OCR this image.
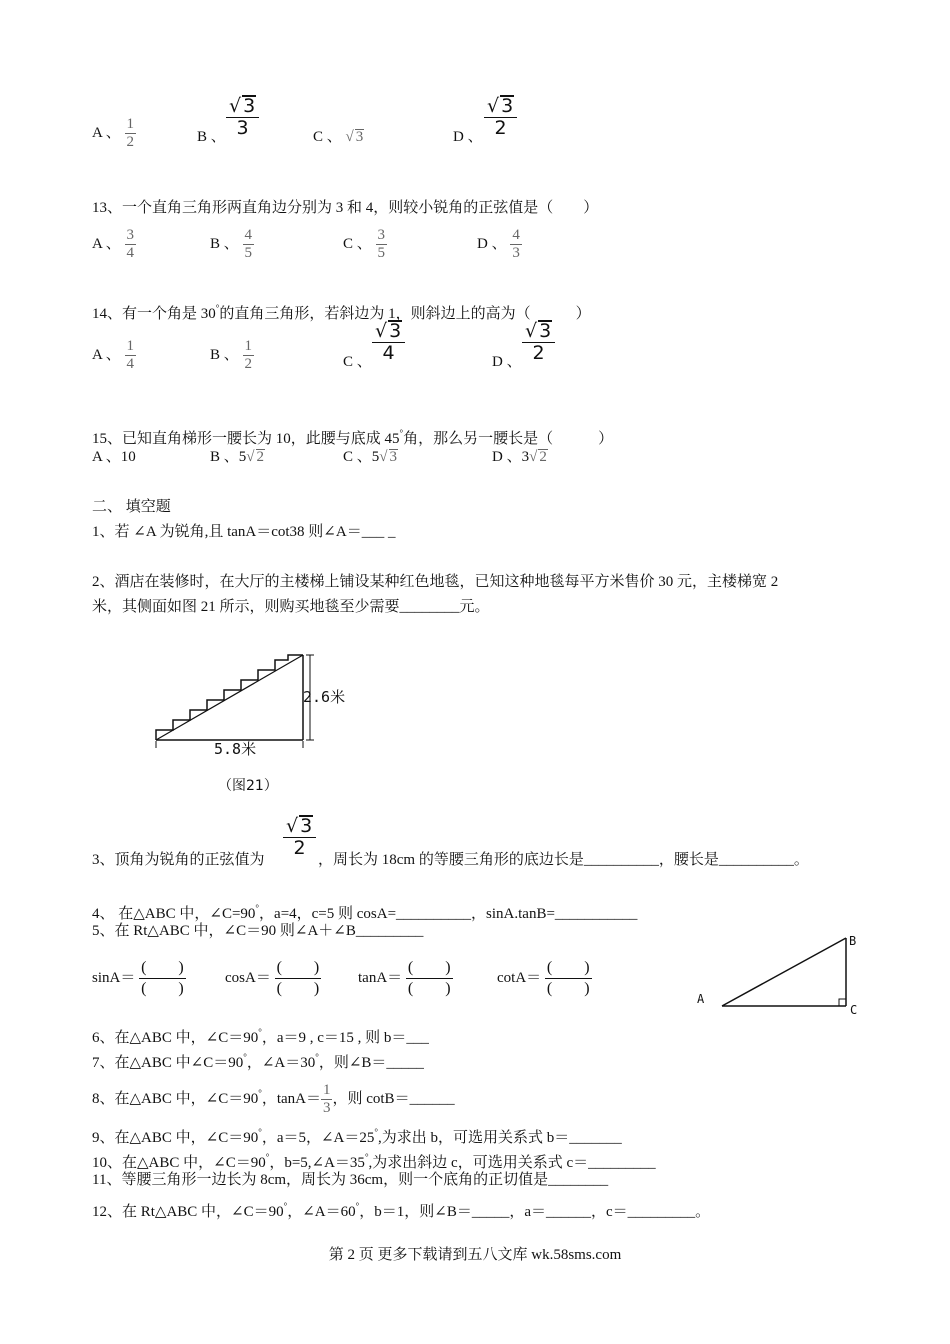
A 、 $\frac{1}{2}$	B 、 $\frac{√ 3}{3}$	C 、 √ 3	D 、 $\frac{√ 3}{2}$
13、一个直角三角形两直角边分别为 3 和 4，则较小锐角的正弦值是（　　）
A 、 $\frac{3}{4}$	B 、 $\frac{4}{5}$	C 、 $\frac{3}{5}$	D 、 $\frac{4}{3}$
14、有一个角是 30°的直角三角形，若斜边为 1，则斜边上的高为（　　　）
A 、 $\frac{1}{4}$	B 、 $\frac{1}{2}$	C 、 $\frac{√ 3}{4}$	D 、 $\frac{√ 3}{2}$
15、已知直角梯形一腰长为 10，此腰与底成 45°角，那么另一腰长是（　　　）
A 、10	B 、5√ 2	C 、5√ 3	D 、3√ 2
二、 填空题
1、若 ∠A 为锐角,且 tanA＝cot38 则∠A＝___ _
2、酒店在装修时，在大厅的主楼梯上铺设某种红色地毯，已知这种地毯每平方米售价 30 元，主楼梯宽 2
米，其侧面如图 21 所示，则购买地毯至少需要________元。
2.6米
5.8米
（图21）
3、顶角为锐角的正弦值为
$\frac{√ 3}{2}$
，周长为 18cm 的等腰三角形的底边长是__________，腰长是__________。
4、 在△ABC 中，∠C=90°，a=4，c=5 则 cosA=__________，sinA.tanB=___________
5、在 Rt△ABC 中，∠C＝90 则∠A＋∠B_________
sinA＝
(　　)
(　　)
cosA＝
(　　)
(　　)
tanA＝
(　　)
(　　)
cotA＝
(　　)
(　　)
A
B
C
6、在△ABC 中，∠C＝90°，a＝9 , c＝15 , 则 b＝___
7、在△ABC 中∠C＝90°，∠A＝30°，则∠B＝_____
8、在△ABC 中，∠C＝90°，$\tan A= \frac{1}{3}$ ，则 cotB＝______
9、在△ABC 中，∠C＝90°，a＝5，∠A＝25°,为求出 b，可选用关系式 b＝_______
10、在△ABC 中，∠C＝90°，b=5,∠A＝35°,为求出斜边 c，可选用关系式 c＝_________
11、等腰三角形一边长为 8cm，周长为 36cm，则一个底角的正切值是________
12、在 Rt△ABC 中，∠C＝90°，∠A＝60°，b＝1，则∠B＝_____，a＝______，c＝_________。
第 2 页 更多下载请到五八文库 wk.58sms.com
